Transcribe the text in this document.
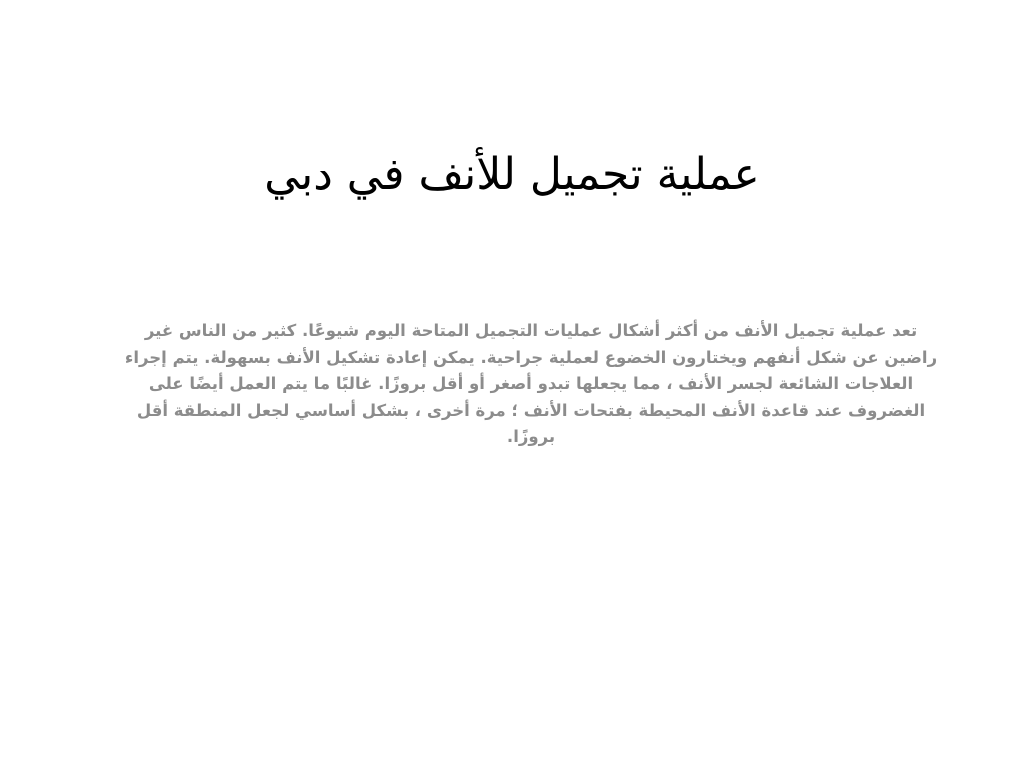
عملية تجميل للأنف في دبي

تعد عملية تجميل الأنف من أكثر أشكال عمليات التجميل المتاحة اليوم شيوعًا. كثير من الناس غير راضين عن شكل أنفهم ويختارون الخضوع لعملية جراحية. يمكن إعادة تشكيل الأنف بسهولة. يتم إجراء العلاجات الشائعة لجسر الأنف ، مما يجعلها تبدو أصغر أو أقل بروزًا. غالبًا ما يتم العمل أيضًا على الغضروف عند قاعدة الأنف المحيطة بفتحات الأنف ؛ مرة أخرى ، بشكل أساسي لجعل المنطقة أقل بروزًا.
